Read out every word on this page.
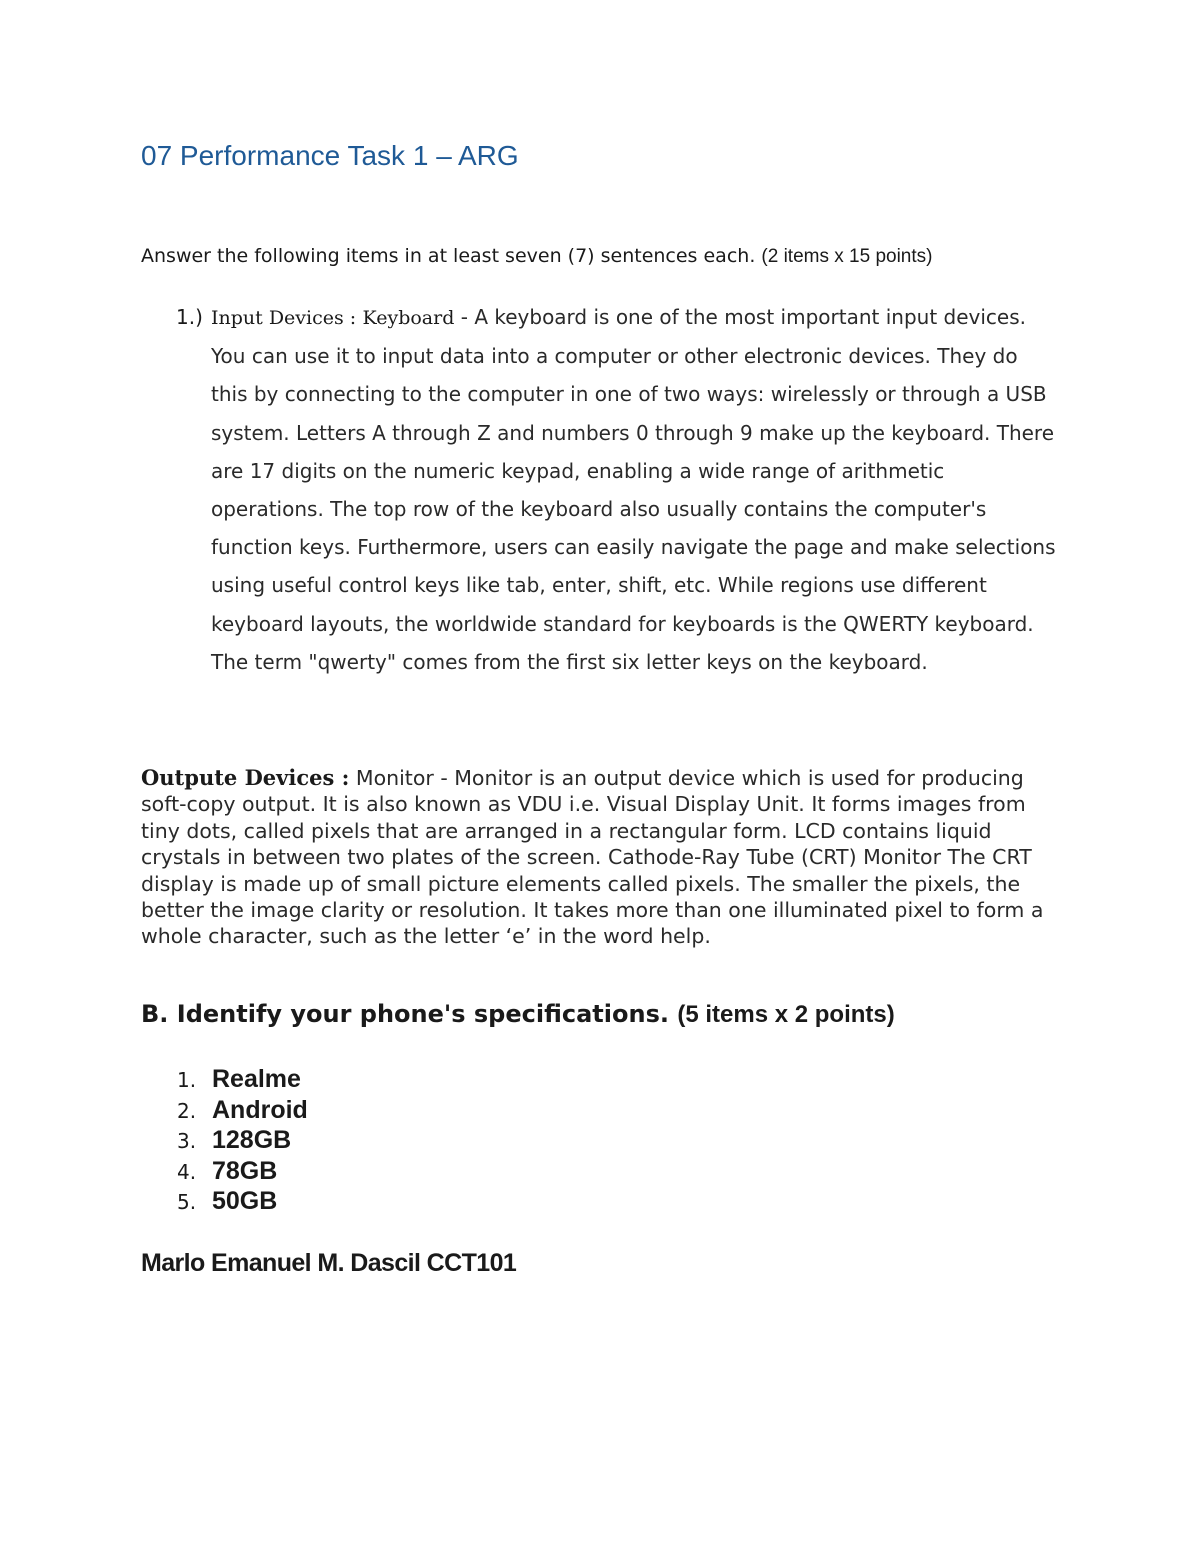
07 Performance Task 1 – ARG

Answer the following items in at least seven (7) sentences each. (2 items x 15 points)

1.) Input Devices : Keyboard - A keyboard is one of the most important input devices. You can use it to input data into a computer or other electronic devices. They do this by connecting to the computer in one of two ways: wirelessly or through a USB system. Letters A through Z and numbers 0 through 9 make up the keyboard. There are 17 digits on the numeric keypad, enabling a wide range of arithmetic operations. The top row of the keyboard also usually contains the computer's function keys. Furthermore, users can easily navigate the page and make selections using useful control keys like tab, enter, shift, etc. While regions use different keyboard layouts, the worldwide standard for keyboards is the QWERTY keyboard. The term "qwerty" comes from the first six letter keys on the keyboard.

Outpute Devices : Monitor - Monitor is an output device which is used for producing soft-copy output. It is also known as VDU i.e. Visual Display Unit. It forms images from tiny dots, called pixels that are arranged in a rectangular form. LCD contains liquid crystals in between two plates of the screen. Cathode-Ray Tube (CRT) Monitor The CRT display is made up of small picture elements called pixels. The smaller the pixels, the better the image clarity or resolution. It takes more than one illuminated pixel to form a whole character, such as the letter ‘e’ in the word help.

B. Identify your phone's specifications. (5 items x 2 points)
1. Realme
2. Android
3. 128GB
4. 78GB
5. 50GB

Marlo Emanuel M. Dascil CCT101
